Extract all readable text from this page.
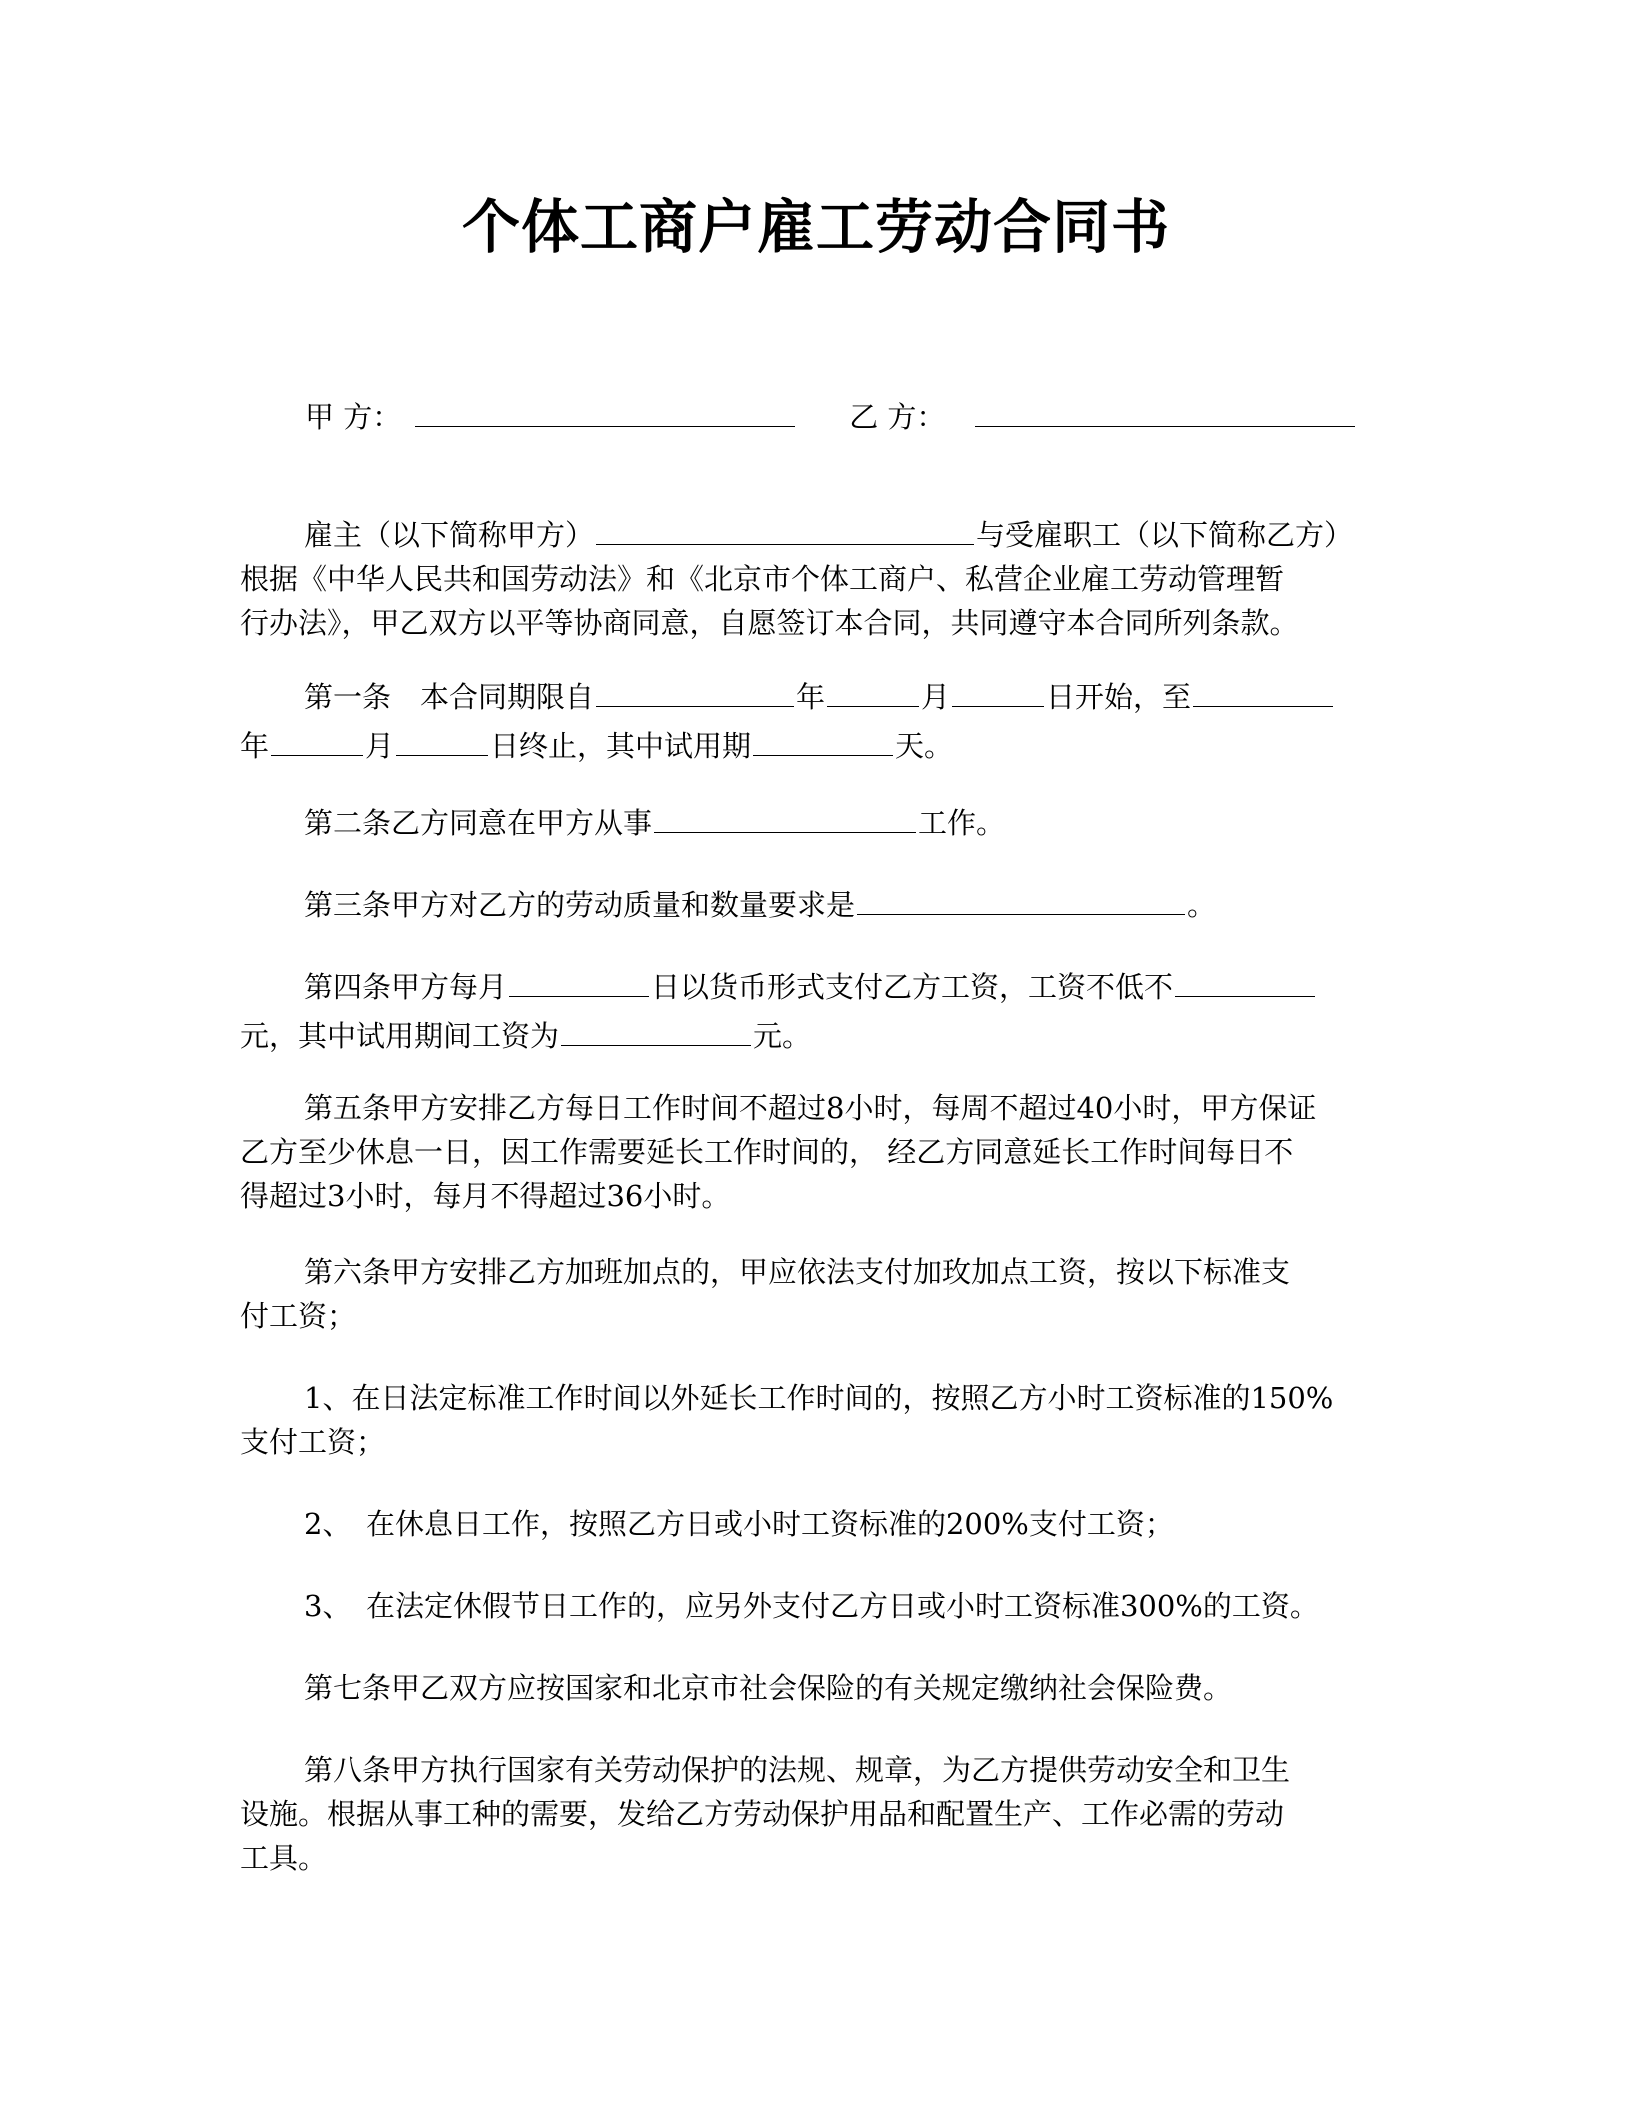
个体工商户雇工劳动合同书
甲 方：	乙 方：
雇主（以下简称甲方）	与受雇职工（以下简称乙方）
根据《中华人民共和国劳动法》和《北京市个体工商户、私营企业雇工劳动管理暂
行办法》，甲乙双方以平等协商同意，自愿签订本合同，共同遵守本合同所列条款。
第一条　本合同期限自	年	月	日开始，至
年	月	日终止，其中试用期	天。
第二条乙方同意在甲方从事	工作。
第三条甲方对乙方的劳动质量和数量要求是	。
第四条甲方每月	日以货币形式支付乙方工资，工资不低不
元，其中试用期间工资为	元。
第五条甲方安排乙方每日工作时间不超过8小时，每周不超过40小时，甲方保证
乙方至少休息一日，因工作需要延长工作时间的， 经乙方同意延长工作时间每日不
得超过3小时，每月不得超过36小时。
第六条甲方安排乙方加班加点的，甲应依法支付加玫加点工资，按以下标准支
付工资；
1、在日法定标准工作时间以外延长工作时间的，按照乙方小时工资标准的150%
支付工资；
2、　在休息日工作，按照乙方日或小时工资标准的200%支付工资；
3、　在法定休假节日工作的，应另外支付乙方日或小时工资标准300%的工资。
第七条甲乙双方应按国家和北京市社会保险的有关规定缴纳社会保险费。
第八条甲方执行国家有关劳动保护的法规、规章，为乙方提供劳动安全和卫生
设施。根据从事工种的需要，发给乙方劳动保护用品和配置生产、工作必需的劳动
工具。
